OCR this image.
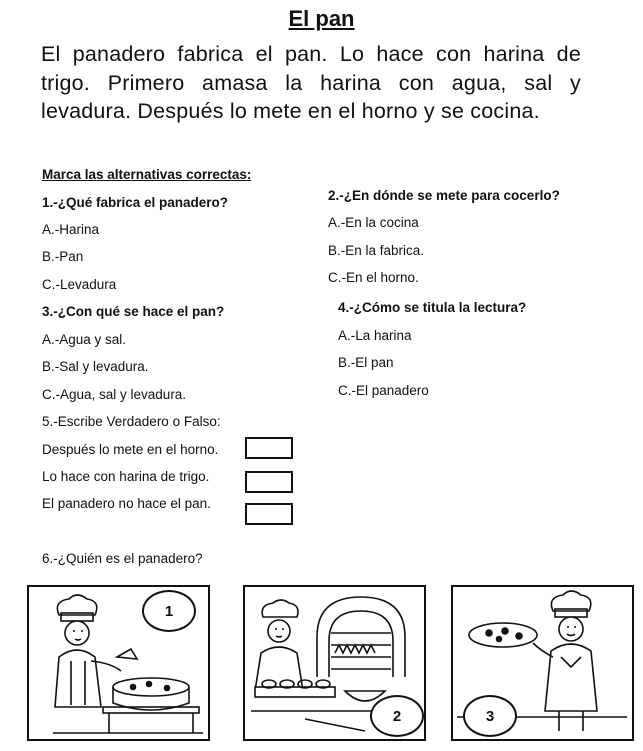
El pan
El panadero fabrica el pan. Lo hace con harina de trigo. Primero amasa la harina con agua, sal y levadura. Después lo mete en el horno y se cocina.
Marca las alternativas correctas:
1.-¿Qué fabrica el panadero?
A.-Harina
B.-Pan
C.-Levadura
2.-¿En dónde se mete para cocerlo?
A.-En la cocina
B.-En la fabrica.
C.-En el horno.
3.-¿Con qué se hace el pan?
A.-Agua y sal.
B.-Sal y levadura.
C.-Agua, sal y levadura.
4.-¿Cómo se titula la lectura?
A.-La harina
B.-El pan
C.-El panadero
5.-Escribe Verdadero o Falso:
Después lo mete en el horno.
Lo hace con harina de trigo.
El panadero no hace el pan.
6.-¿Quién es el panadero?
1
2	3
